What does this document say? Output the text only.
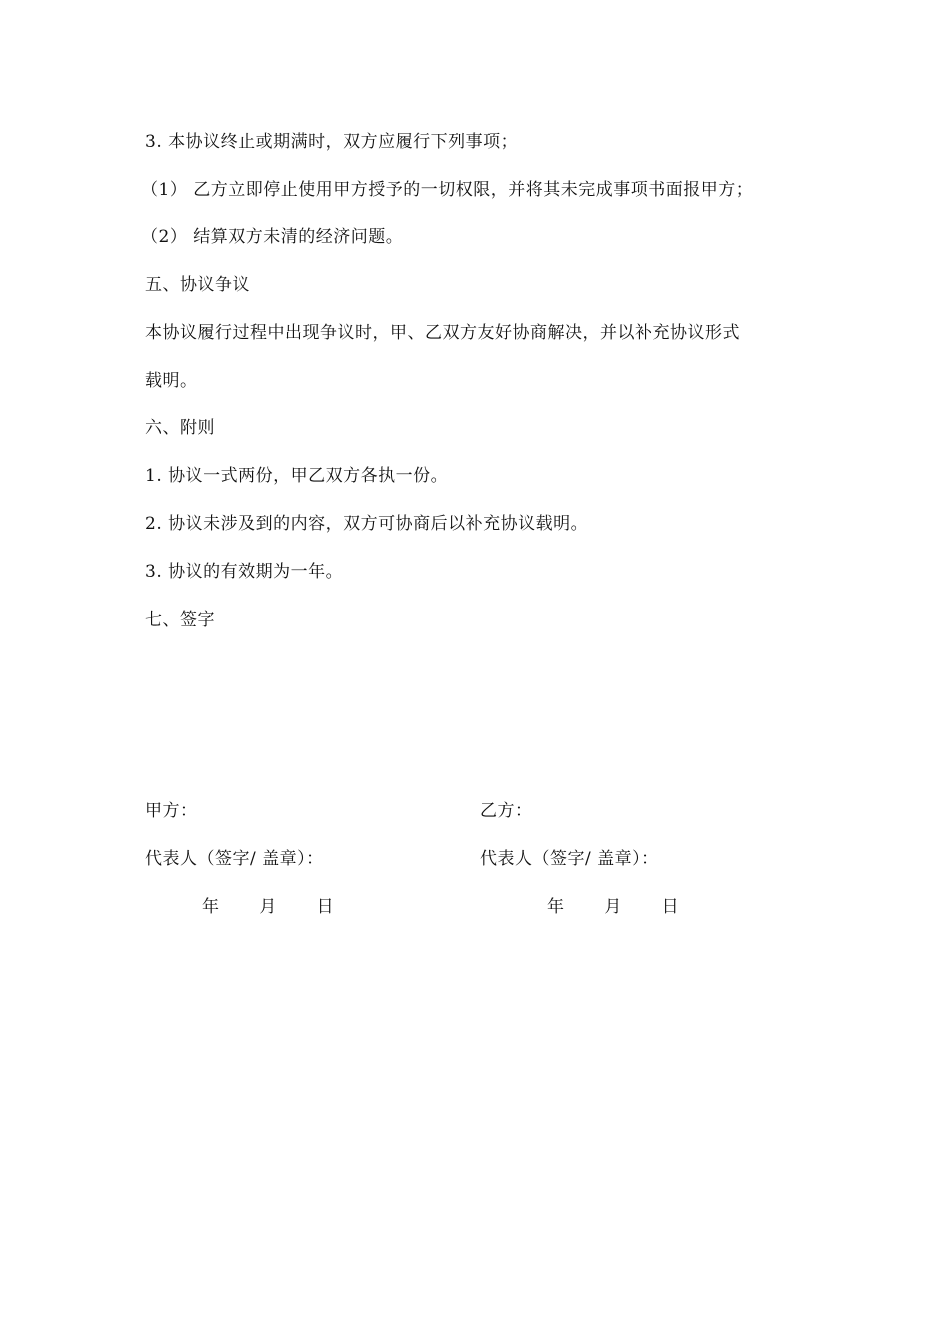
3. 本协议终止或期满时，双方应履行下列事项；
（1） 乙方立即停止使用甲方授予的一切权限，并将其未完成事项书面报甲方；
（2） 结算双方未清的经济问题。
五、协议争议
本协议履行过程中出现争议时，甲、乙双方友好协商解决，并以补充协议形式
载明。
六、附则
1. 协议一式两份，甲乙双方各执一份。
2. 协议未涉及到的内容，双方可协商后以补充协议载明。
3. 协议的有效期为一年。
七、签字
甲方：
代表人（签字/ 盖章）：
年 月 日
乙方：
代表人（签字/ 盖章）：
年 月 日
